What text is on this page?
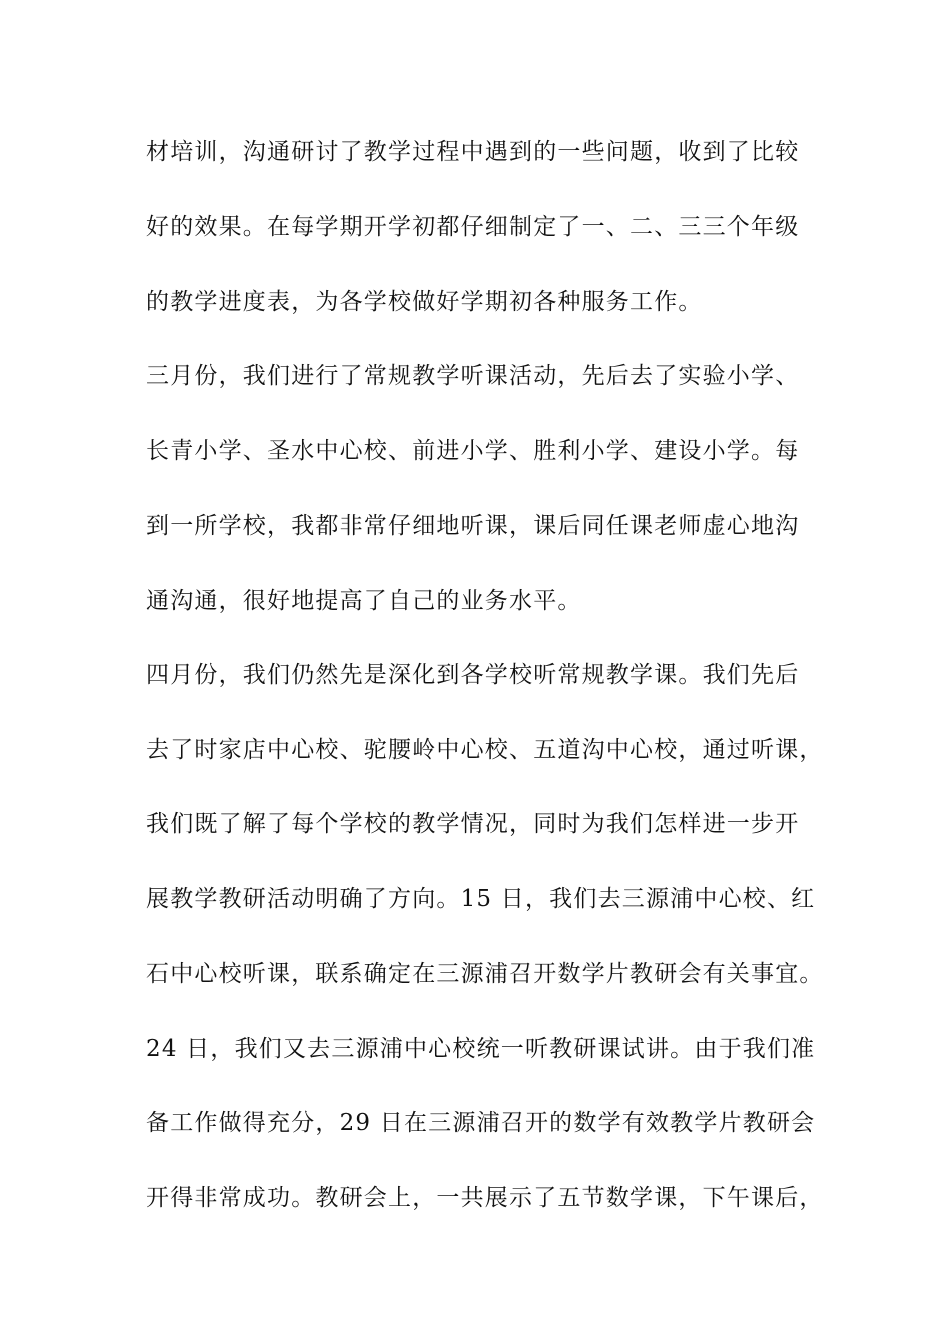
材培训，沟通研讨了教学过程中遇到的一些问题，收到了比较
好的效果。在每学期开学初都仔细制定了一、二、三三个年级
的教学进度表，为各学校做好学期初各种服务工作。
三月份，我们进行了常规教学听课活动，先后去了实验小学、
长青小学、圣水中心校、前进小学、胜利小学、建设小学。每
到一所学校，我都非常仔细地听课，课后同任课老师虚心地沟
通沟通，很好地提高了自己的业务水平。
四月份，我们仍然先是深化到各学校听常规教学课。我们先后
去了时家店中心校、驼腰岭中心校、五道沟中心校，通过听课，
我们既了解了每个学校的教学情况，同时为我们怎样进一步开
展教学教研活动明确了方向。15 日，我们去三源浦中心校、红
石中心校听课，联系确定在三源浦召开数学片教研会有关事宜。
24 日，我们又去三源浦中心校统一听教研课试讲。由于我们准
备工作做得充分，29 日在三源浦召开的数学有效教学片教研会
开得非常成功。教研会上，一共展示了五节数学课，下午课后，
